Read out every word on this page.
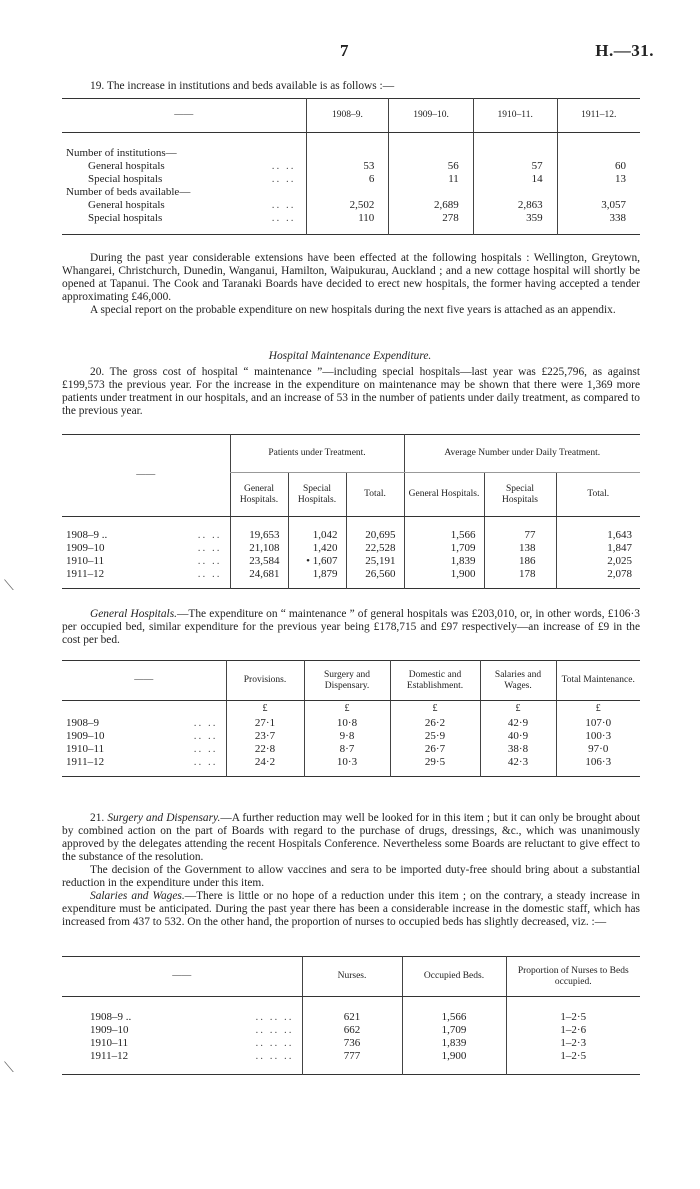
7	H.—31.

19. The increase in institutions and beds available is as follows :—

——	1908–9.	1909–10.	1910–11.	1911–12.

Number of institutions—				
General hospitals .. ..	53	56	57	60
Special hospitals .. ..	6	11	14	13
Number of beds available—				
General hospitals .. ..	2,502	2,689	2,863	3,057
Special hospitals .. ..	110	278	359	338

During the past year considerable extensions have been effected at the following hospitals : Wellington, Greytown, Whangarei, Christchurch, Dunedin, Wanganui, Hamilton, Waipukurau, Auckland ; and a new cottage hospital will shortly be opened at Tapanui. The Cook and Taranaki Boards have decided to erect new hospitals, the former having accepted a tender approximating £46,000.

A special report on the probable expenditure on new hospitals during the next five years is attached as an appendix.

Hospital Maintenance Expenditure.

20. The gross cost of hospital “ maintenance ”—including special hospitals—last year was £225,796, as against £199,573 the previous year. For the increase in the expenditure on maintenance may be shown that there were 1,369 more patients under treatment in our hospitals, and an increase of 53 in the number of patients under daily treatment, as compared to the previous year.

——	Patients under Treatment.			Average Number under Daily Treatment.		
	General Hospitals.	Special Hospitals.	Total.	General Hospitals.	Special Hospitals	Total.

1908–9 .. .. ..	19,653	1,042	20,695	1,566	77	1,643
1909–10 .. ..	21,108	1,420	22,528	1,709	138	1,847
1910–11 .. ..	23,584	• 1,607	25,191	1,839	186	2,025
1911–12 .. ..	24,681	1,879	26,560	1,900	178	2,078

General Hospitals.—The expenditure on “ maintenance ” of general hospitals was £203,010, or, in other words, £106·3 per occupied bed, similar expenditure for the previous year being £178,715 and £97 respectively—an increase of £9 in the cost per bed.

——	Provisions.	Surgery and Dispensary.	Domestic and Establishment.	Salaries and Wages.	Total Maintenance.
	£	£	£	£	£
1908–9 .. ..	27·1	10·8	26·2	42·9	107·0
1909–10 .. ..	23·7	9·8	25·9	40·9	100·3
1910–11 .. ..	22·8	8·7	26·7	38·8	97·0
1911–12 .. ..	24·2	10·3	29·5	42·3	106·3

21. Surgery and Dispensary.—A further reduction may well be looked for in this item ; but it can only be brought about by combined action on the part of Boards with regard to the purchase of drugs, dressings, &c., which was unanimously approved by the delegates attending the recent Hospitals Conference. Nevertheless some Boards are reluctant to give effect to the substance of the resolution.

The decision of the Government to allow vaccines and sera to be imported duty-free should bring about a substantial reduction in the expenditure under this item.

Salaries and Wages.—There is little or no hope of a reduction under this item ; on the contrary, a steady increase in expenditure must be anticipated. During the past year there has been a considerable increase in the domestic staff, which has increased from 437 to 532. On the other hand, the proportion of nurses to occupied beds has slightly decreased, viz. :—

——	Nurses.	Occupied Beds.	Proportion of Nurses to Beds occupied.

1908–9 .. .. .. ..	621	1,566	1–2·5
1909–10 .. .. ..	662	1,709	1–2·6
1910–11 .. .. ..	736	1,839	1–2·3
1911–12 .. .. ..	777	1,900	1–2·5

⟍
⟍
